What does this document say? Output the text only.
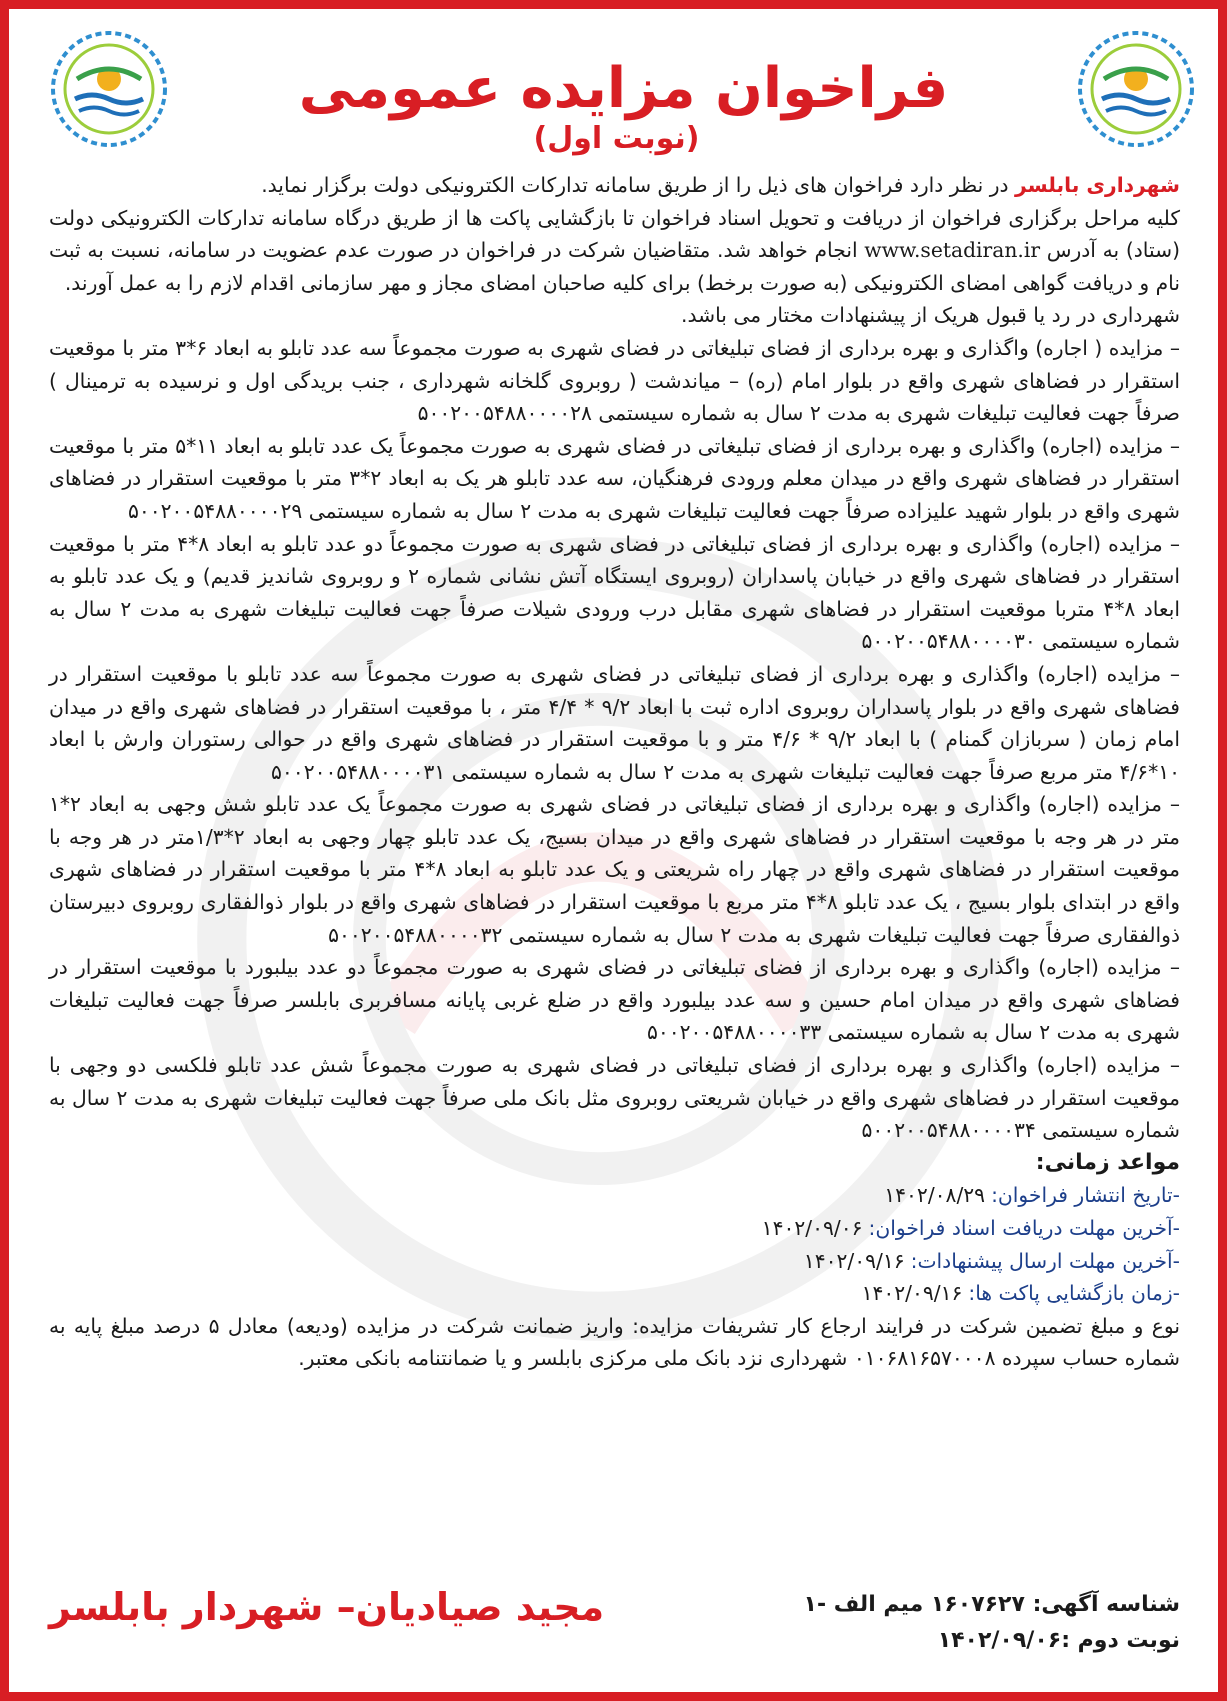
فراخوان مزایده عمومی (نوبت اول)

شهرداری بابلسر در نظر دارد فراخوان های ذیل را از طریق سامانه تدارکات الکترونیکی دولت برگزار نماید.

کلیه مراحل برگزاری فراخوان از دریافت و تحویل اسناد فراخوان تا بازگشایی پاکت ها از طریق درگاه سامانه تدارکات الکترونیکی دولت (ستاد) به آدرس www.setadiran.ir انجام خواهد شد. متقاضیان شرکت در فراخوان در صورت عدم عضویت در سامانه، نسبت به ثبت نام و دریافت گواهی امضای الکترونیکی (به صورت برخط) برای کلیه صاحبان امضای مجاز و مهر سازمانی اقدام لازم را به عمل آورند.

شهرداری در رد یا قبول هریک از پیشنهادات مختار می باشد.

– مزایده ( اجاره) واگذاری و بهره برداری از فضای تبلیغاتی در فضای شهری به صورت مجموعاً سه عدد تابلو به ابعاد ۶*۳ متر با موقعیت استقرار در فضاهای شهری واقع در بلوار امام (ره) – میاندشت ( روبروی گلخانه شهرداری ، جنب بریدگی اول و نرسیده به ترمینال ) صرفاً جهت فعالیت تبلیغات شهری به مدت ۲ سال به شماره سیستمی ۵۰۰۲۰۰۵۴۸۸۰۰۰۰۲۸

– مزایده (اجاره) واگذاری و بهره برداری از فضای تبلیغاتی در فضای شهری به صورت مجموعاً یک عدد تابلو به ابعاد ۱۱*۵ متر با موقعیت استقرار در فضاهای شهری واقع در میدان معلم ورودی فرهنگیان، سه عدد تابلو هر یک به ابعاد ۲*۳ متر با موقعیت استقرار در فضاهای شهری واقع در بلوار شهید علیزاده صرفاً جهت فعالیت تبلیغات شهری به مدت ۲ سال به شماره سیستمی ۵۰۰۲۰۰۵۴۸۸۰۰۰۰۲۹

– مزایده (اجاره) واگذاری و بهره برداری از فضای تبلیغاتی در فضای شهری به صورت مجموعاً دو عدد تابلو به ابعاد ۸*۴ متر با موقعیت استقرار در فضاهای شهری واقع در خیابان پاسداران (روبروی ایستگاه آتش نشانی شماره ۲ و روبروی شاندیز قدیم) و یک عدد تابلو به ابعاد ۸*۴ متربا موقعیت استقرار در فضاهای شهری مقابل درب ورودی شیلات صرفاً جهت فعالیت تبلیغات شهری به مدت ۲ سال به شماره سیستمی ۵۰۰۲۰۰۵۴۸۸۰۰۰۰۳۰

– مزایده (اجاره) واگذاری و بهره برداری از فضای تبلیغاتی در فضای شهری به صورت مجموعاً سه عدد تابلو با موقعیت استقرار در فضاهای شهری واقع در بلوار پاسداران روبروی اداره ثبت با ابعاد ۹/۲ * ۴/۴ متر ، با موقعیت استقرار در فضاهای شهری واقع در میدان امام زمان ( سربازان گمنام ) با ابعاد ۹/۲ * ۴/۶ متر و با موقعیت استقرار در فضاهای شهری واقع در حوالی رستوران وارش با ابعاد ۱۰*۴/۶ متر مربع صرفاً جهت فعالیت تبلیغات شهری به مدت ۲ سال به شماره سیستمی ۵۰۰۲۰۰۵۴۸۸۰۰۰۰۳۱

– مزایده (اجاره) واگذاری و بهره برداری از فضای تبلیغاتی در فضای شهری به صورت مجموعاً یک عدد تابلو شش وجهی به ابعاد ۲*۱ متر در هر وجه با موقعیت استقرار در فضاهای شهری واقع در میدان بسیج، یک عدد تابلو چهار وجهی به ابعاد ۲*۱/۳متر در هر وجه با موقعیت استقرار در فضاهای شهری واقع در چهار راه شریعتی و یک عدد تابلو به ابعاد ۸*۴ متر با موقعیت استقرار در فضاهای شهری واقع در ابتدای بلوار بسیج ، یک عدد تابلو ۸*۴ متر مربع با موقعیت استقرار در فضاهای شهری واقع در بلوار ذوالفقاری روبروی دبیرستان ذوالفقاری صرفاً جهت فعالیت تبلیغات شهری به مدت ۲ سال به شماره سیستمی ۵۰۰۲۰۰۵۴۸۸۰۰۰۰۳۲

– مزایده (اجاره) واگذاری و بهره برداری از فضای تبلیغاتی در فضای شهری به صورت مجموعاً دو عدد بیلبورد با موقعیت استقرار در فضاهای شهری واقع در میدان امام حسین و سه عدد بیلبورد واقع در ضلع غربی پایانه مسافربری بابلسر صرفاً جهت فعالیت تبلیغات شهری به مدت ۲ سال به شماره سیستمی ۵۰۰۲۰۰۵۴۸۸۰۰۰۰۳۳

– مزایده (اجاره) واگذاری و بهره برداری از فضای تبلیغاتی در فضای شهری به صورت مجموعاً شش عدد تابلو فلکسی دو وجهی با موقعیت استقرار در فضاهای شهری واقع در خیابان شریعتی روبروی مثل بانک ملی صرفاً جهت فعالیت تبلیغات شهری به مدت ۲ سال به شماره سیستمی ۵۰۰۲۰۰۵۴۸۸۰۰۰۰۳۴

مواعد زمانی:

-تاریخ انتشار فراخوان:۱۴۰۲/۰۸/۲۹

-آخرین مهلت دریافت اسناد فراخوان:۱۴۰۲/۰۹/۰۶

-آخرین مهلت ارسال پیشنهادات:۱۴۰۲/۰۹/۱۶

-زمان بازگشایی پاکت ها:۱۴۰۲/۰۹/۱۶

نوع و مبلغ تضمین شرکت در فرایند ارجاع کار تشریفات مزایده: واریز ضمانت شرکت در مزایده (ودیعه) معادل ۵ درصد مبلغ پایه به شماره حساب سپرده ۰۱۰۶۸۱۶۵۷۰۰۰۸ شهرداری نزد بانک ملی مرکزی بابلسر و یا ضمانتنامه بانکی معتبر.

شناسه آگهی: ۱۶۰۷۶۲۷ میم الف -۱
نوبت دوم :۱۴۰۲/۰۹/۰۶
مجید صیادیان– شهردار بابلسر
